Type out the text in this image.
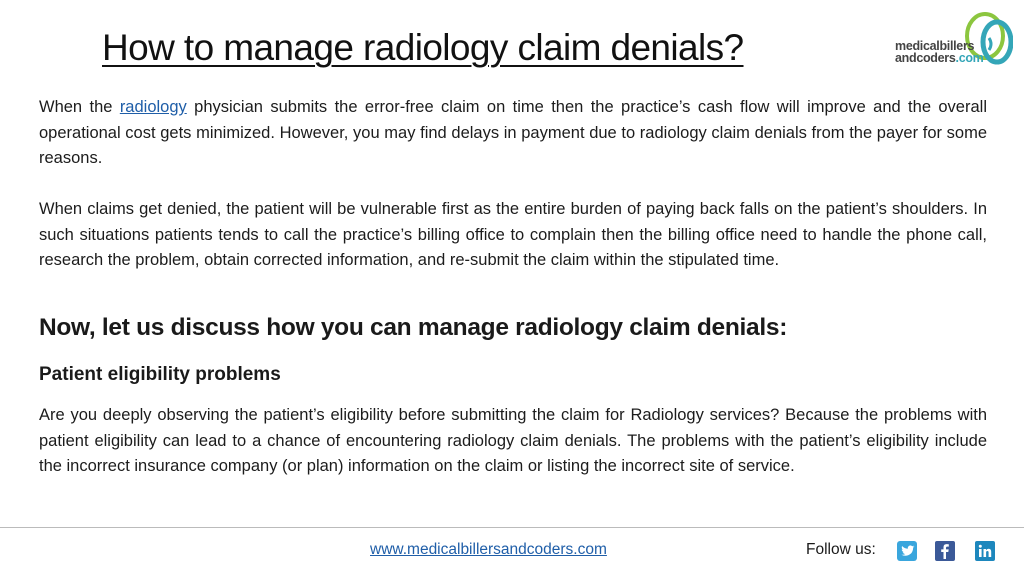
How to manage radiology claim denials?	medicalbillers
andcoders.com

When the radiology physician submits the error-free claim on time then the practice’s cash flow will improve and the overall operational cost gets minimized. However, you may find delays in payment due to radiology claim denials from the payer for some reasons.

When claims get denied, the patient will be vulnerable first as the entire burden of paying back falls on the patient’s shoulders. In such situations patients tends to call the practice’s billing office to complain then the billing office need to handle the phone call, research the problem, obtain corrected information, and re-submit the claim within the stipulated time.

Now, let us discuss how you can manage radiology claim denials:
Patient eligibility problems

Are you deeply observing the patient’s eligibility before submitting the claim for Radiology services? Because the problems with patient eligibility can lead to a chance of encountering radiology claim denials. The problems with the patient’s eligibility include the incorrect insurance company (or plan) information on the claim or listing the incorrect site of service.

www.medicalbillersandcoders.com	Follow us:
